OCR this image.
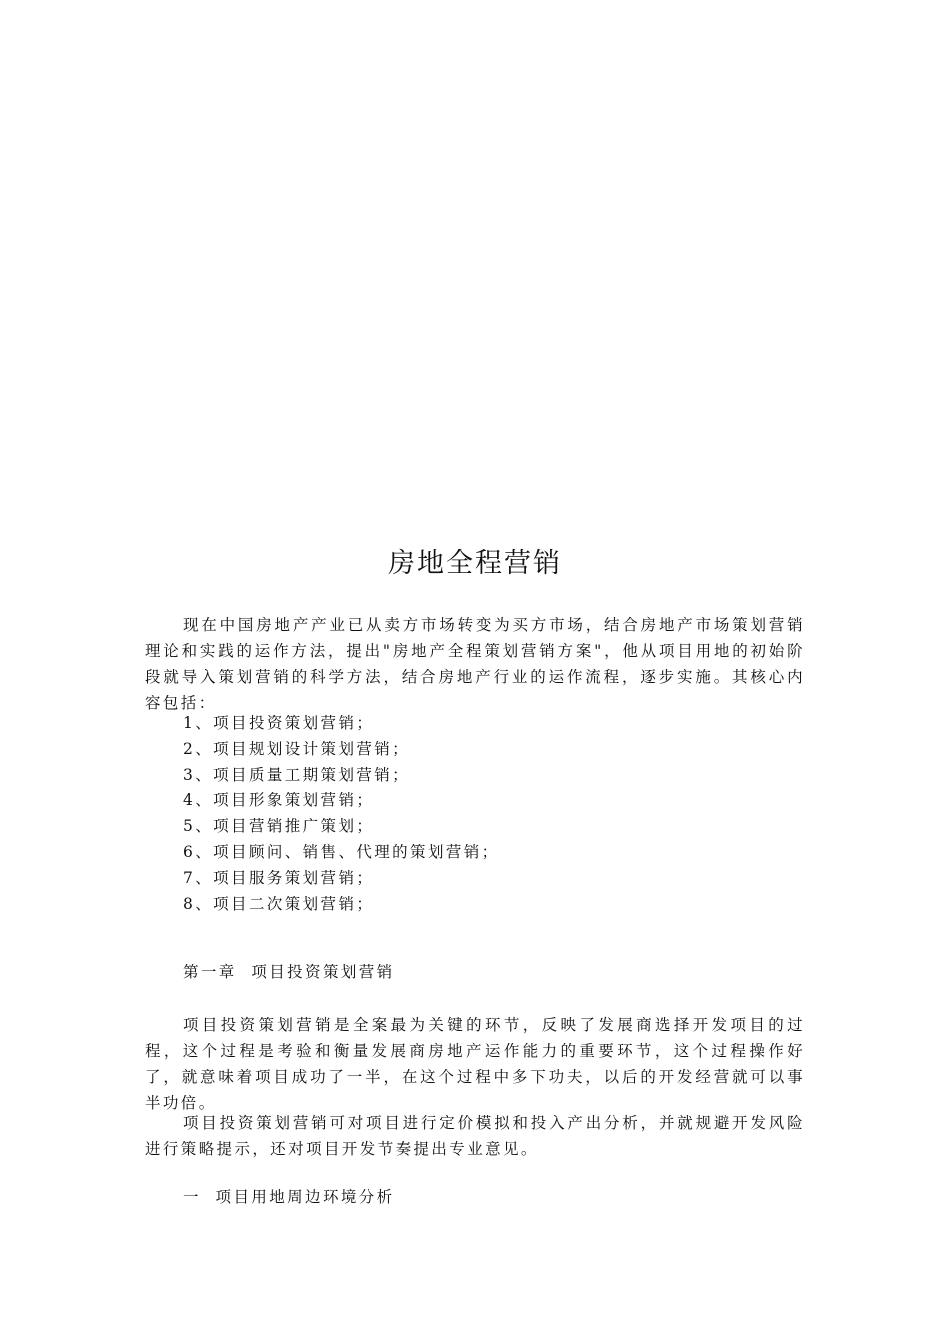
房地全程营销

现在中国房地产产业已从卖方市场转变为买方市场，结合房地产市场策划营销理论和实践的运作方法，提出"房地产全程策划营销方案"，他从项目用地的初始阶段就导入策划营销的科学方法，结合房地产行业的运作流程，逐步实施。其核心内容包括：

1、项目投资策划营销；
2、项目规划设计策划营销；
3、项目质量工期策划营销；
4、项目形象策划营销；
5、项目营销推广策划；
6、项目顾问、销售、代理的策划营销；
7、项目服务策划营销；
8、项目二次策划营销；
第一章  项目投资策划营销

项目投资策划营销是全案最为关键的环节，反映了发展商选择开发项目的过程，这个过程是考验和衡量发展商房地产运作能力的重要环节，这个过程操作好了，就意味着项目成功了一半，在这个过程中多下功夫，以后的开发经营就可以事半功倍。

项目投资策划营销可对项目进行定价模拟和投入产出分析，并就规避开发风险进行策略提示，还对项目开发节奏提出专业意见。

一  项目用地周边环境分析
